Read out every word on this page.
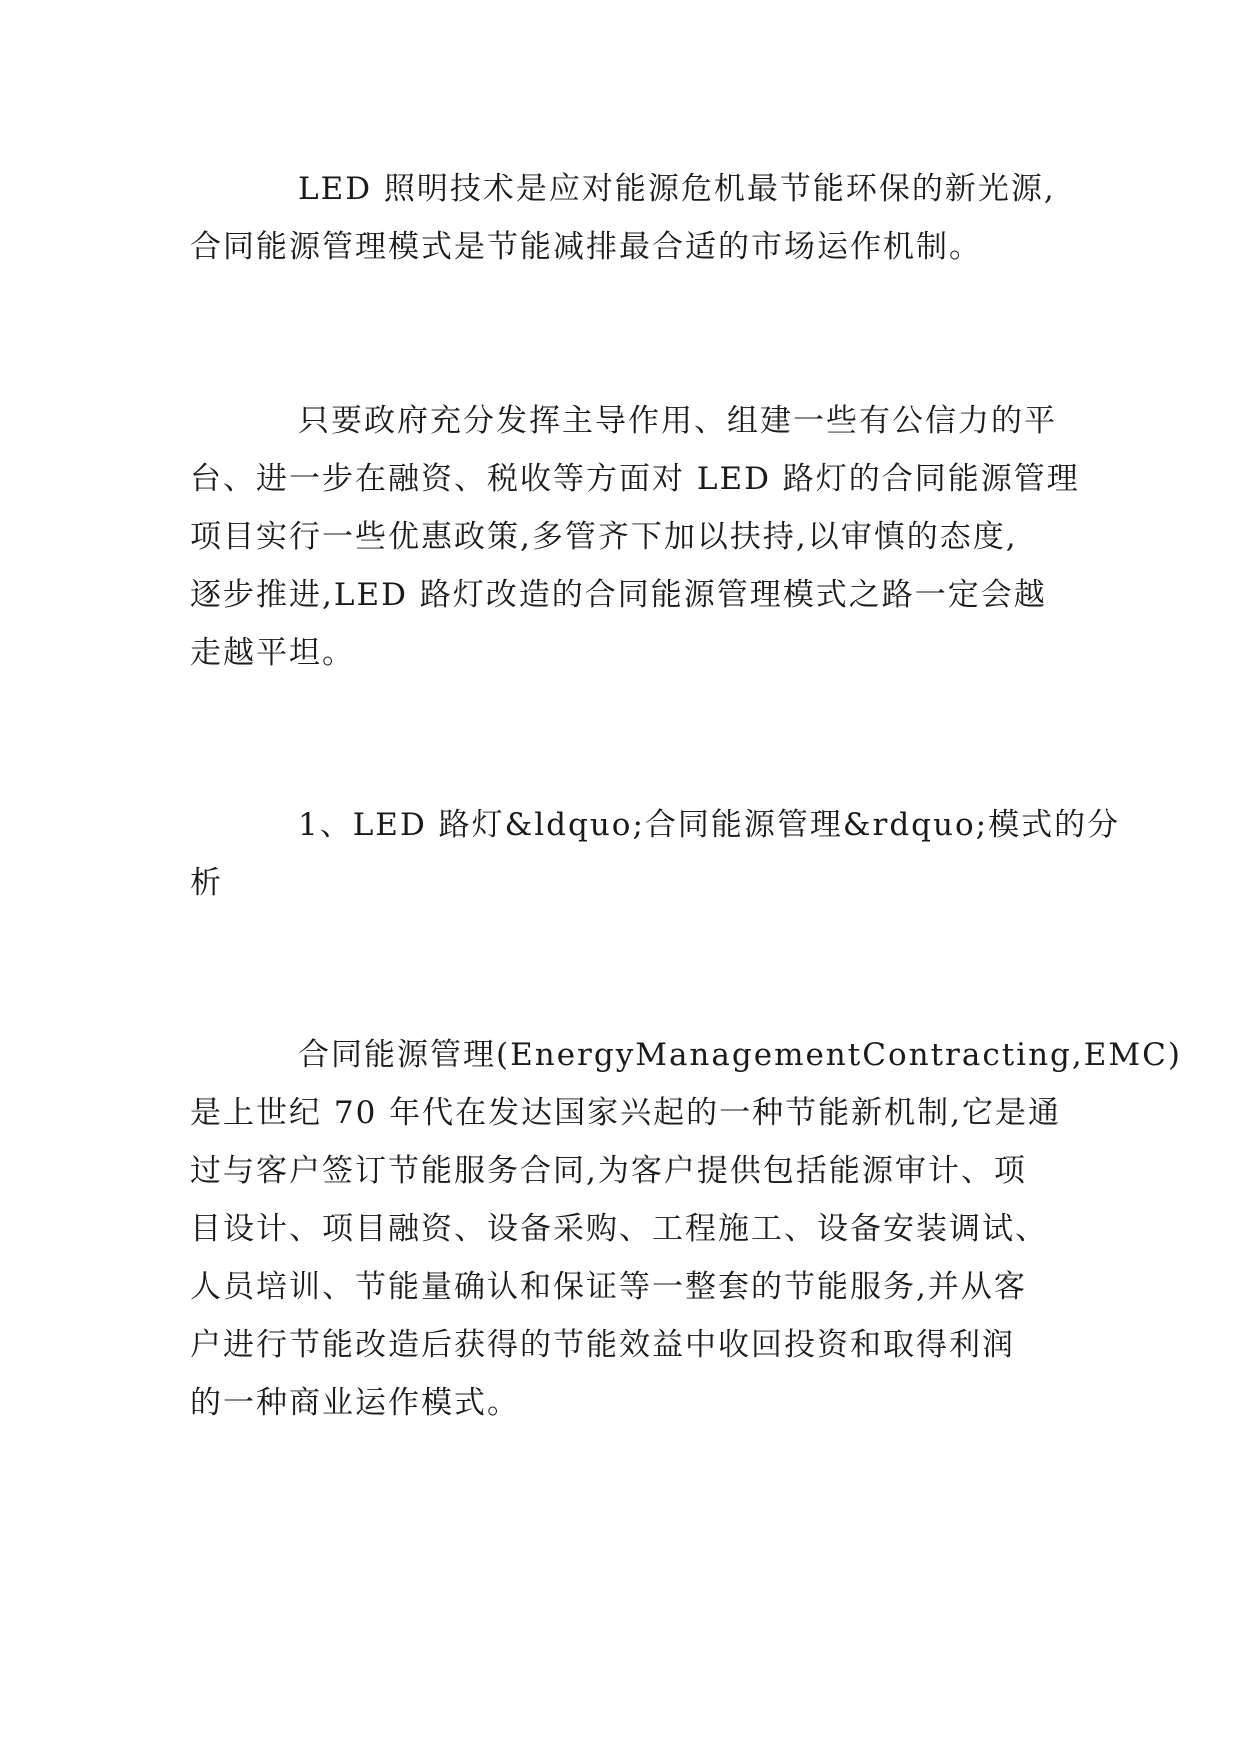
LED 照明技术是应对能源危机最节能环保的新光源,
合同能源管理模式是节能减排最合适的市场运作机制。
只要政府充分发挥主导作用、组建一些有公信力的平
台、进一步在融资、税收等方面对 LED 路灯的合同能源管理
项目实行一些优惠政策,多管齐下加以扶持,以审慎的态度,
逐步推进,LED 路灯改造的合同能源管理模式之路一定会越
走越平坦。
1、LED 路灯&ldquo;合同能源管理&rdquo;模式的分
析
合同能源管理(EnergyManagementContracting,EMC)
是上世纪 70 年代在发达国家兴起的一种节能新机制,它是通
过与客户签订节能服务合同,为客户提供包括能源审计、项
目设计、项目融资、设备采购、工程施工、设备安装调试、
人员培训、节能量确认和保证等一整套的节能服务,并从客
户进行节能改造后获得的节能效益中收回投资和取得利润
的一种商业运作模式。
